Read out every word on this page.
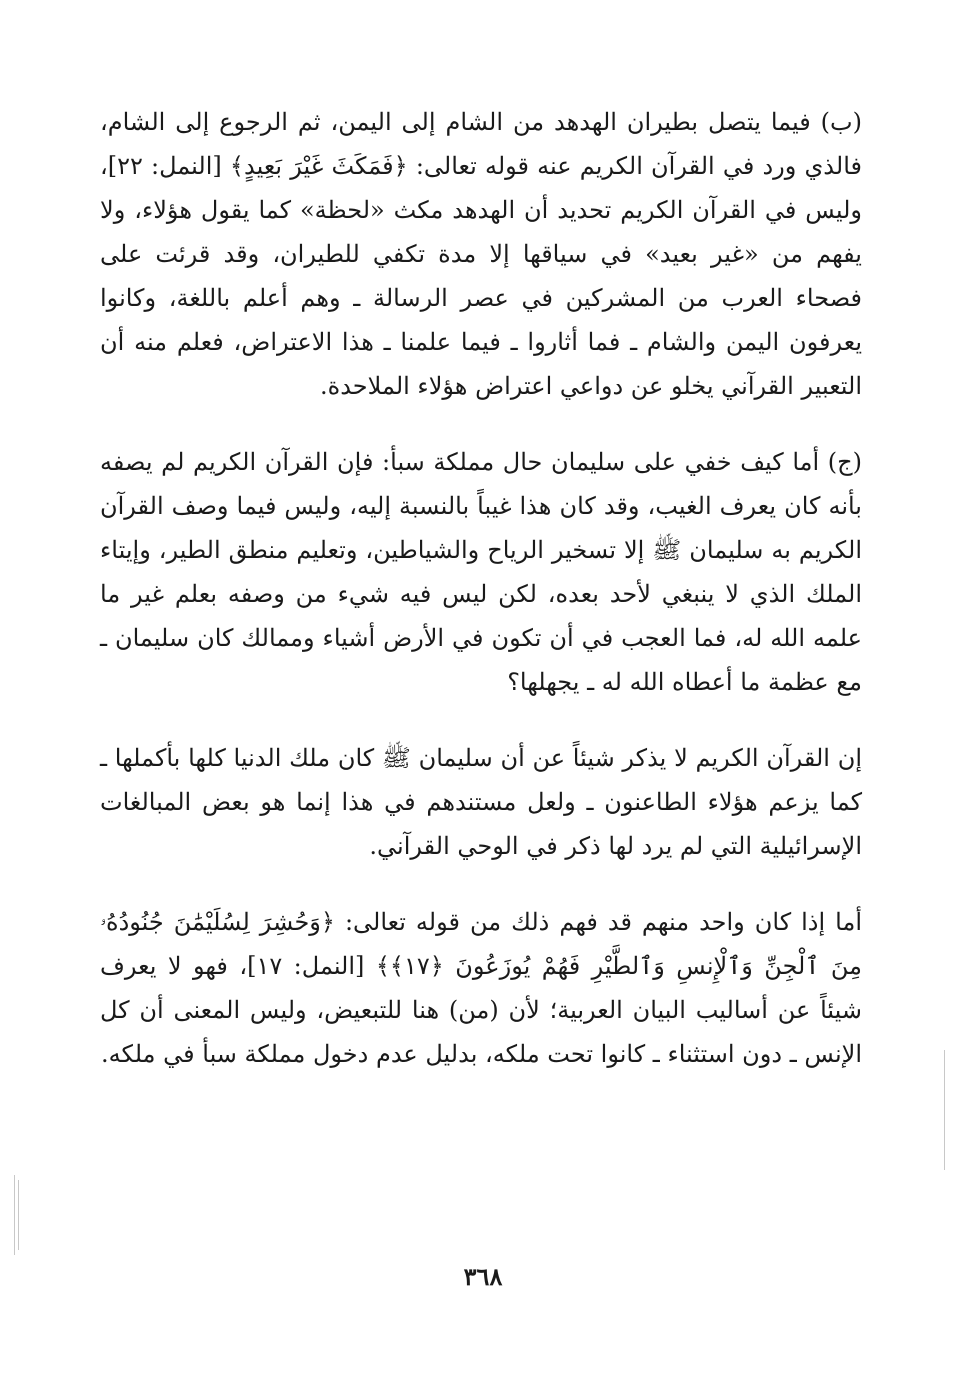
(ب) فيما يتصل بطيران الهدهد من الشام إلى اليمن، ثم الرجوع إلى الشام، فالذي ورد في القرآن الكريم عنه قوله تعالى: ﴿فَمَكَثَ غَيْرَ بَعِيدٍ﴾ [النمل: ٢٢]، وليس في القرآن الكريم تحديد أن الهدهد مكث «لحظة» كما يقول هؤلاء، ولا يفهم من «غير بعيد» في سياقها إلا مدة تكفي للطيران، وقد قرئت على فصحاء العرب من المشركين في عصر الرسالة ـ وهم أعلم باللغة، وكانوا يعرفون اليمن والشام ـ فما أثاروا ـ فيما علمنا ـ هذا الاعتراض، فعلم منه أن التعبير القرآني يخلو عن دواعي اعتراض هؤلاء الملاحدة.

(ج) أما كيف خفي على سليمان حال مملكة سبأ: فإن القرآن الكريم لم يصفه بأنه كان يعرف الغيب، وقد كان هذا غيباً بالنسبة إليه، وليس فيما وصف القرآن الكريم به سليمان ﷺ إلا تسخير الرياح والشياطين، وتعليم منطق الطير، وإيتاء الملك الذي لا ينبغي لأحد بعده، لكن ليس فيه شيء من وصفه بعلم غير ما علمه الله له، فما العجب في أن تكون في الأرض أشياء وممالك كان سليمان ـ مع عظمة ما أعطاه الله له ـ يجهلها؟

إن القرآن الكريم لا يذكر شيئاً عن أن سليمان ﷺ كان ملك الدنيا كلها بأكملها ـ كما يزعم هؤلاء الطاعنون ـ ولعل مستندهم في هذا إنما هو بعض المبالغات الإسرائيلية التي لم يرد لها ذكر في الوحي القرآني.

أما إذا كان واحد منهم قد فهم ذلك من قوله تعالى: ﴿وَحُشِرَ لِسُلَيْمَٰنَ جُنُودُهُۥ مِنَ ٱلْجِنِّ وَٱلْإِنسِ وَٱلطَّيْرِ فَهُمْ يُوزَعُونَ ﴿١٧﴾﴾ [النمل: ١٧]، فهو لا يعرف شيئاً عن أساليب البيان العربية؛ لأن (من) هنا للتبعيض، وليس المعنى أن كل الإنس ـ دون استثناء ـ كانوا تحت ملكه، بدليل عدم دخول مملكة سبأ في ملكه.

٣٦٨
